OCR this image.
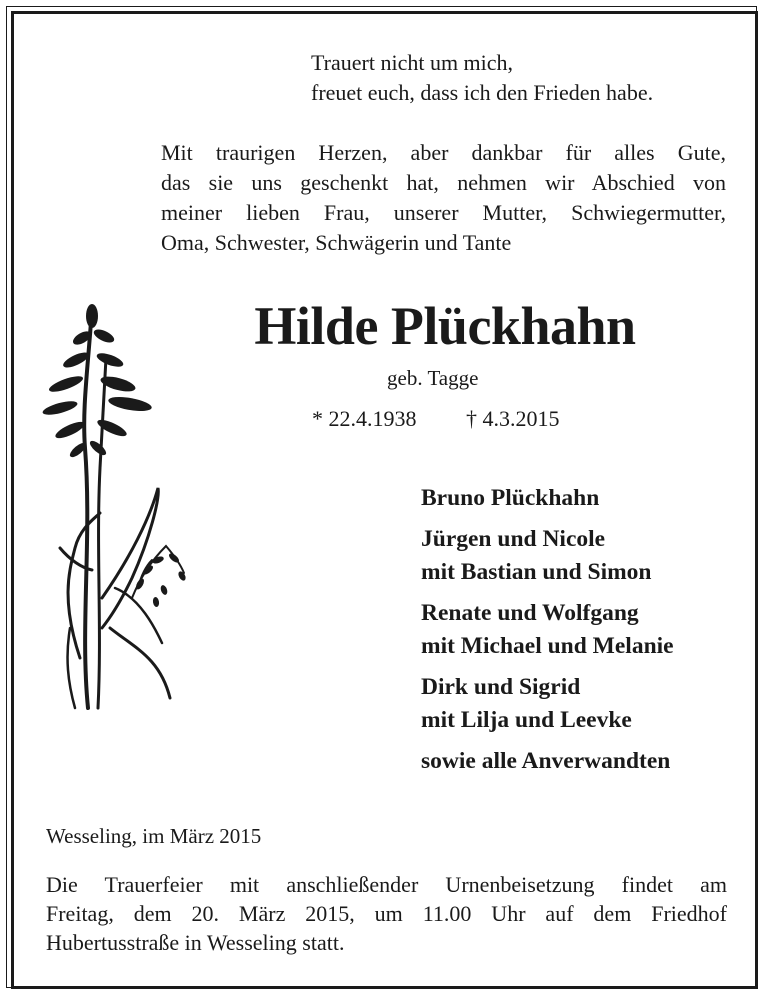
Trauert nicht um mich,
freuet euch, dass ich den Frieden habe.
Mit traurigen Herzen, aber dankbar für alles Gute,
das sie uns geschenkt hat, nehmen wir Abschied von
meiner lieben Frau, unserer Mutter, Schwiegermutter,
Oma, Schwester, Schwägerin und Tante
Hilde Plückhahn
geb. Tagge
* 22.4.1938 † 4.3.2015
Bruno Plückhahn
Jürgen und Nicole
mit Bastian und Simon
Renate und Wolfgang
mit Michael und Melanie
Dirk und Sigrid
mit Lilja und Leevke
sowie alle Anverwandten
Wesseling, im März 2015
Die Trauerfeier mit anschließender Urnenbeisetzung findet am
Freitag, dem 20. März 2015, um 11.00 Uhr auf dem Friedhof
Hubertusstraße in Wesseling statt.
